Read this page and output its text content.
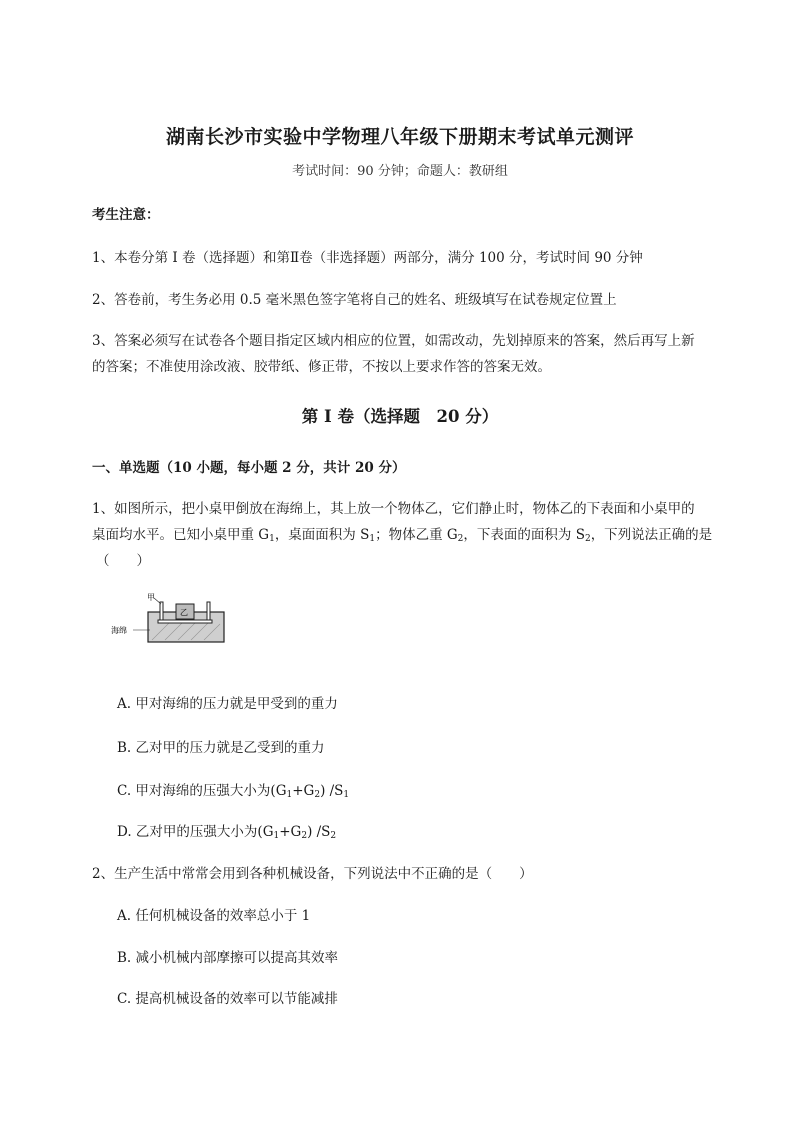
湖南长沙市实验中学物理八年级下册期末考试单元测评
考试时间：90 分钟；命题人：教研组
考生注意：
1、本卷分第 I 卷（选择题）和第Ⅱ卷（非选择题）两部分，满分 100 分，考试时间 90 分钟
2、答卷前，考生务必用 0.5 毫米黑色签字笔将自己的姓名、班级填写在试卷规定位置上
3、答案必须写在试卷各个题目指定区域内相应的位置，如需改动，先划掉原来的答案，然后再写上新
的答案；不准使用涂改液、胶带纸、修正带，不按以上要求作答的答案无效。
第 I 卷（选择题　20 分）
一、单选题（10 小题，每小题 2 分，共计 20 分）
1、如图所示，把小桌甲倒放在海绵上，其上放一个物体乙，它们静止时，物体乙的下表面和小桌甲的
桌面均水平。已知小桌甲重 $G_1$，桌面面积为 $S_1$；物体乙重 $G_2$，下表面的面积为 $S_2$，下列说法正确的是
（　　）
甲
乙
海绵
A. 甲对海绵的压力就是甲受到的重力
B. 乙对甲的压力就是乙受到的重力
C. 甲对海绵的压强大小为$(G_1+G_2)$ $/S_1$
D. 乙对甲的压强大小为$(G_1+G_2)$ $/S_2$
2、生产生活中常常会用到各种机械设备，下列说法中不正确的是（　　）
A. 任何机械设备的效率总小于 1
B. 减小机械内部摩擦可以提高其效率
C. 提高机械设备的效率可以节能减排
